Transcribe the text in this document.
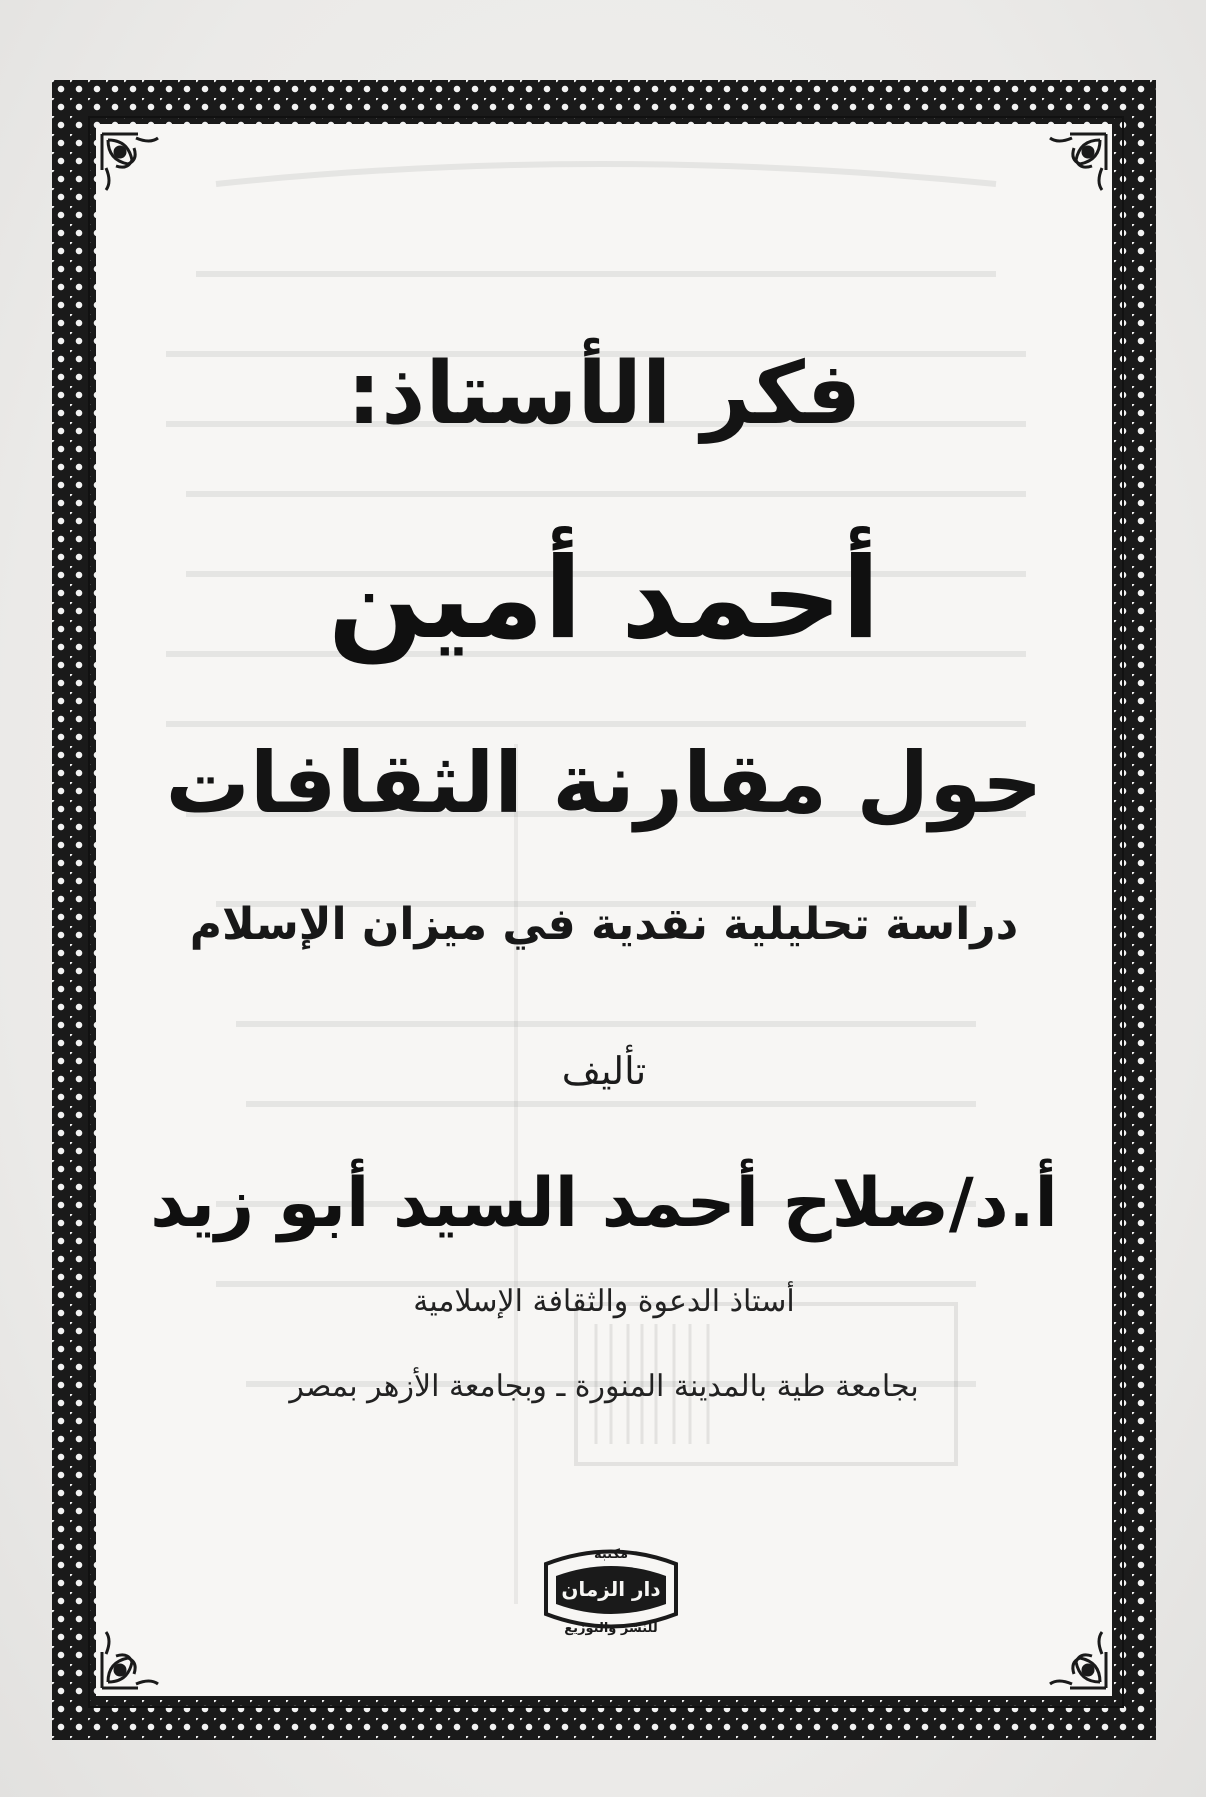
فكر الأستاذ:
أحمد أمين
حول مقارنة الثقافات
دراسة تحليلية نقدية في ميزان الإسلام
تأليف
أ.د/صلاح أحمد السيد أبو زيد
أستاذ الدعوة والثقافة الإسلامية
بجامعة طية بالمدينة المنورة ـ وبجامعة الأزهر بمصر
مكتبة
دار الزمان
للنشر والتوزيع
